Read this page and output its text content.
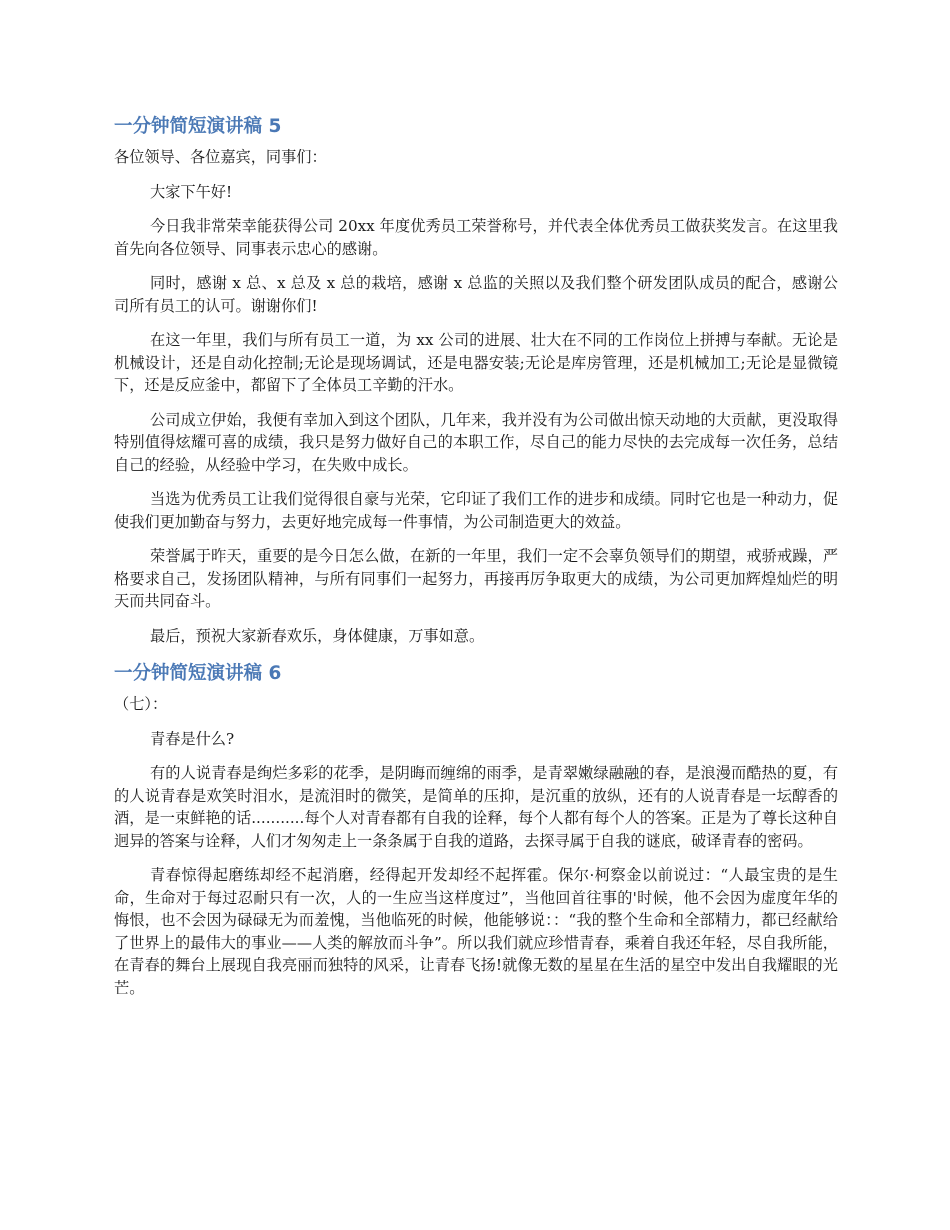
一分钟简短演讲稿 5

各位领导、各位嘉宾，同事们：

大家下午好!

今日我非常荣幸能获得公司 20xx 年度优秀员工荣誉称号，并代表全体优秀员工做获奖发言。在这里我首先向各位领导、同事表示忠心的感谢。

同时，感谢 x 总、x 总及 x 总的栽培，感谢 x 总监的关照以及我们整个研发团队成员的配合，感谢公司所有员工的认可。谢谢你们!

在这一年里，我们与所有员工一道，为 xx 公司的进展、壮大在不同的工作岗位上拼搏与奉献。无论是机械设计，还是自动化控制;无论是现场调试，还是电器安装;无论是库房管理，还是机械加工;无论是显微镜下，还是反应釜中，都留下了全体员工辛勤的汗水。

公司成立伊始，我便有幸加入到这个团队，几年来，我并没有为公司做出惊天动地的大贡献，更没取得特别值得炫耀可喜的成绩，我只是努力做好自己的本职工作，尽自己的能力尽快的去完成每一次任务，总结自己的经验，从经验中学习，在失败中成长。

当选为优秀员工让我们觉得很自豪与光荣，它印证了我们工作的进步和成绩。同时它也是一种动力，促使我们更加勤奋与努力，去更好地完成每一件事情，为公司制造更大的效益。

荣誉属于昨天，重要的是今日怎么做，在新的一年里，我们一定不会辜负领导们的期望，戒骄戒躁，严格要求自己，发扬团队精神，与所有同事们一起努力，再接再厉争取更大的成绩，为公司更加辉煌灿烂的明天而共同奋斗。

最后，预祝大家新春欢乐，身体健康，万事如意。

一分钟简短演讲稿 6

（七）：

青春是什么?

有的人说青春是绚烂多彩的花季，是阴晦而缠绵的雨季，是青翠嫩绿融融的春，是浪漫而酷热的夏，有的人说青春是欢笑时泪水，是流泪时的微笑，是简单的压抑，是沉重的放纵，还有的人说青春是一坛醇香的酒，是一束鲜艳的话...........每个人对青春都有自我的诠释，每个人都有每个人的答案。正是为了尊长这种自迥异的答案与诠释，人们才匆匆走上一条条属于自我的道路，去探寻属于自我的谜底，破译青春的密码。

青春惊得起磨练却经不起消磨，经得起开发却经不起挥霍。保尔·柯察金以前说过：“人最宝贵的是生命，生命对于每过忍耐只有一次，人的一生应当这样度过”，当他回首往事的'时候，他不会因为虚度年华的悔恨，也不会因为碌碌无为而羞愧，当他临死的时候，他能够说：：“我的整个生命和全部精力，都已经献给了世界上的最伟大的事业——人类的解放而斗争”。所以我们就应珍惜青春，乘着自我还年轻，尽自我所能，在青春的舞台上展现自我亮丽而独特的风采，让青春飞扬!就像无数的星星在生活的星空中发出自我耀眼的光芒。
